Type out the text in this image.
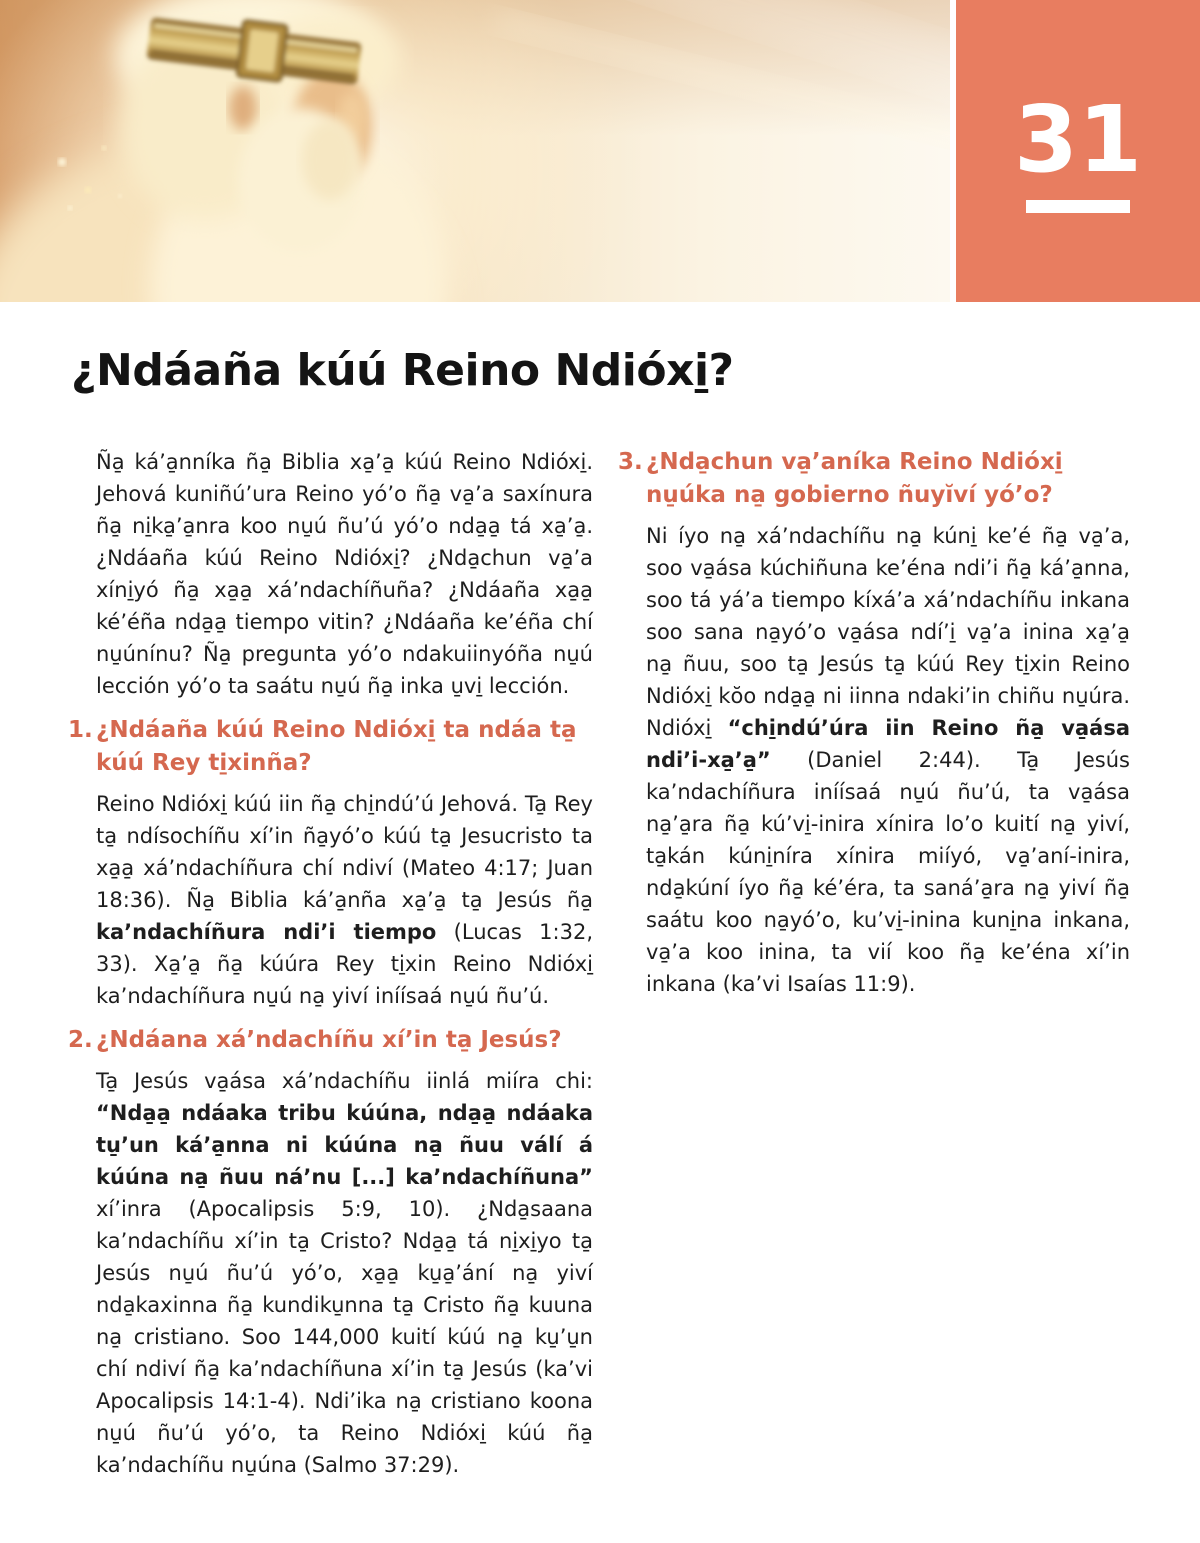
31
¿Ndáaña kúú Reino Ndióxi̱?

Ña̱ ká’a̱nníka ña̱ Biblia xa̱’a̱ kúú Reino Ndióxi̱. Jehová kuniñú’ura Reino yó’o ña̱ va̱’a saxínura ña̱ ni̱ka̱’a̱nra koo nu̱ú ñu’ú yó’o nda̱a̱ tá xa̱’a̱. ¿Ndáaña kúú Reino Ndióxi̱? ¿Nda̱chun va̱’a xíni̱yó ña̱ xa̱a̱ xá’ndachíñuña? ¿Ndáaña xa̱a̱ ké’éña nda̱a̱ tiempo vitin? ¿Ndáaña ke’éña chí nu̱únínu? Ña̱ pregunta yó’o ndakuiinyóña nu̱ú lección yó’o ta saátu nu̱ú ña̱ inka u̱vi̱ lección.

1. ¿Ndáaña kúú Reino Ndióxi̱ ta ndáa ta̱ kúú Rey ti̱xinña?

Reino Ndióxi̱ kúú iin ña̱ chi̱ndú’ú Jehová. Ta̱ Rey ta̱ ndísochíñu xí’in ña̱yó’o kúú ta̱ Jesucristo ta xa̱a̱ xá’ndachíñura chí ndiví (Mateo 4:17; Juan 18:36). Ña̱ Biblia ká’a̱nña xa̱’a̱ ta̱ Jesús ña̱ ka’ndachíñura ndi’i tiempo (Lucas 1:32, 33). Xa̱’a̱ ña̱ kúúra Rey ti̱xin Reino Ndióxi̱ ka’ndachíñura nu̱ú na̱ yiví iníísaá nu̱ú ñu’ú.

2. ¿Ndáana xá’ndachíñu xí’in ta̱ Jesús?

Ta̱ Jesús va̱ása xá’ndachíñu iinlá miíra chi: “Nda̱a̱ ndáaka tribu kúúna, nda̱a̱ ndáaka tu̱’un ká’a̱nna ni kúúna na̱ ñuu válí á kúúna na̱ ñuu ná’nu [...] ka’ndachíñuna” xí’inra (Apocalipsis 5:9, 10). ¿Nda̱saana ka’ndachíñu xí’in ta̱ Cristo? Nda̱a̱ tá ni̱xi̱yo ta̱ Jesús nu̱ú ñu’ú yó’o, xa̱a̱ ku̱a̱’ání na̱ yiví nda̱kaxinna ña̱ kundiku̱nna ta̱ Cristo ña̱ kuuna na̱ cristiano. Soo 144,000 kuití kúú na̱ ku̱’u̱n chí ndiví ña̱ ka’ndachíñuna xí’in ta̱ Jesús (ka’vi Apocalipsis 14:1-4). Ndi’ika na̱ cristiano koona nu̱ú ñu’ú yó’o, ta Reino Ndióxi̱ kúú ña̱ ka’ndachíñu nu̱úna (Salmo 37:29).

3. ¿Nda̱chun va̱’aníka Reino Ndióxi̱ nu̱úka na̱ gobierno ñuyĭví yó’o?

Ni íyo na̱ xá’ndachíñu na̱ kúni̱ ke’é ña̱ va̱’a, soo va̱ása kúchiñuna ke’éna ndi’i ña̱ ká’a̱nna, soo tá yá’a tiempo kíxá’a xá’ndachíñu inkana soo sana na̱yó’o va̱ása ndí’i̱ va̱’a inina xa̱’a̱ na̱ ñuu, soo ta̱ Jesús ta̱ kúú Rey ti̱xin Reino Ndióxi̱ kŏo nda̱a̱ ni iinna ndaki’in chiñu nu̱úra. Ndióxi̱ “chi̱ndú’úra iin Reino ña̱ va̱ása ndi’i-xa̱’a̱” (Daniel 2:44). Ta̱ Jesús ka’ndachíñura iníísaá nu̱ú ñu’ú, ta va̱ása na̱’a̱ra ña̱ kú’vi̱-inira xínira lo’o kuití na̱ yiví, ta̱kán kúni̱níra xínira miíyó, va̱’aní-inira, nda̱kúní íyo ña̱ ké’éra, ta saná’a̱ra na̱ yiví ña̱ saátu koo na̱yó’o, ku’vi̱-inina kuni̱na inkana, va̱’a koo inina, ta vií koo ña̱ ke’éna xí’in inkana (ka’vi Isaías 11:9).
